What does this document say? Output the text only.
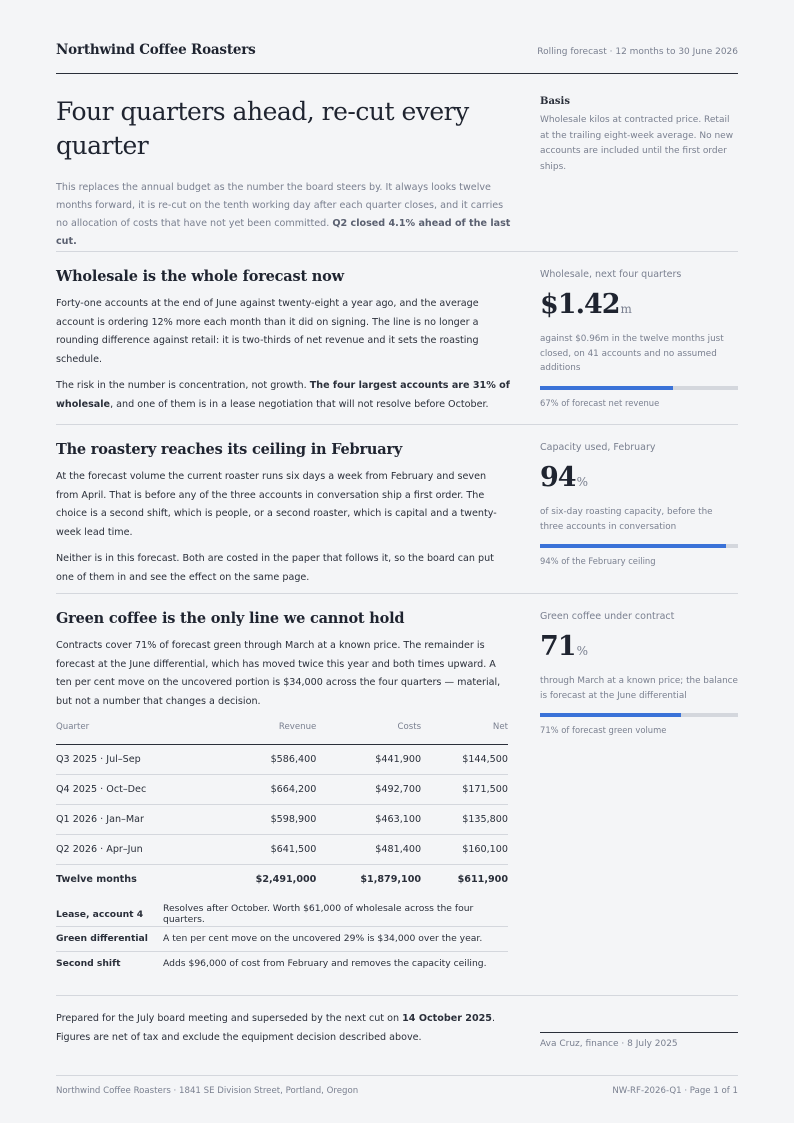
Northwind Coffee Roasters	Rolling forecast · 12 months to 30 June 2026
Four quarters ahead, re-cut every quarter

This replaces the annual budget as the number the board steers by. It always looks twelve months forward, it is re-cut on the tenth working day after each quarter closes, and it carries no allocation of costs that have not yet been committed. Q2 closed 4.1% ahead of the last cut.

Basis

Wholesale kilos at contracted price. Retail at the trailing eight-week average. No new accounts are included until the first order ships.

Wholesale is the whole forecast now

Forty-one accounts at the end of June against twenty-eight a year ago, and the average account is ordering 12% more each month than it did on signing. The line is no longer a rounding difference against retail: it is two-thirds of net revenue and it sets the roasting schedule.

The risk in the number is concentration, not growth. The four largest accounts are 31% of wholesale, and one of them is in a lease negotiation that will not resolve before October.

Wholesale, next four quarters
$1.42m
against $0.96m in the twelve months just closed, on 41 accounts and no assumed additions
67% of forecast net revenue
The roastery reaches its ceiling in February

At the forecast volume the current roaster runs six days a week from February and seven from April. That is before any of the three accounts in conversation ship a first order. The choice is a second shift, which is people, or a second roaster, which is capital and a twenty-week lead time.

Neither is in this forecast. Both are costed in the paper that follows it, so the board can put one of them in and see the effect on the same page.

Capacity used, February
94%
of six-day roasting capacity, before the three accounts in conversation
94% of the February ceiling
Green coffee is the only line we cannot hold

Contracts cover 71% of forecast green through March at a known price. The remainder is forecast at the June differential, which has moved twice this year and both times upward. A ten per cent move on the uncovered portion is $34,000 across the four quarters — material, but not a number that changes a decision.

Green coffee under contract
71%
through March at a known price; the balance is forecast at the June differential
71% of forecast green volume
Quarter	Revenue	Costs	Net
Q3 2025 · Jul–Sep	$586,400	$441,900	$144,500
Q4 2025 · Oct–Dec	$664,200	$492,700	$171,500
Q1 2026 · Jan–Mar	$598,900	$463,100	$135,800
Q2 2026 · Apr–Jun	$641,500	$481,400	$160,100
Twelve months	$2,491,000	$1,879,100	$611,900
Lease, account 4	Resolves after October. Worth $61,000 of wholesale across the four quarters.
Green differential	A ten per cent move on the uncovered 29% is $34,000 over the year.
Second shift	Adds $96,000 of cost from February and removes the capacity ceiling.
Prepared for the July board meeting and superseded by the next cut on 14 October 2025.
Figures are net of tax and exclude the equipment decision described above.
Ava Cruz, finance · 8 July 2025
Northwind Coffee Roasters · 1841 SE Division Street, Portland, Oregon	NW-RF-2026-Q1 · Page 1 of 1
